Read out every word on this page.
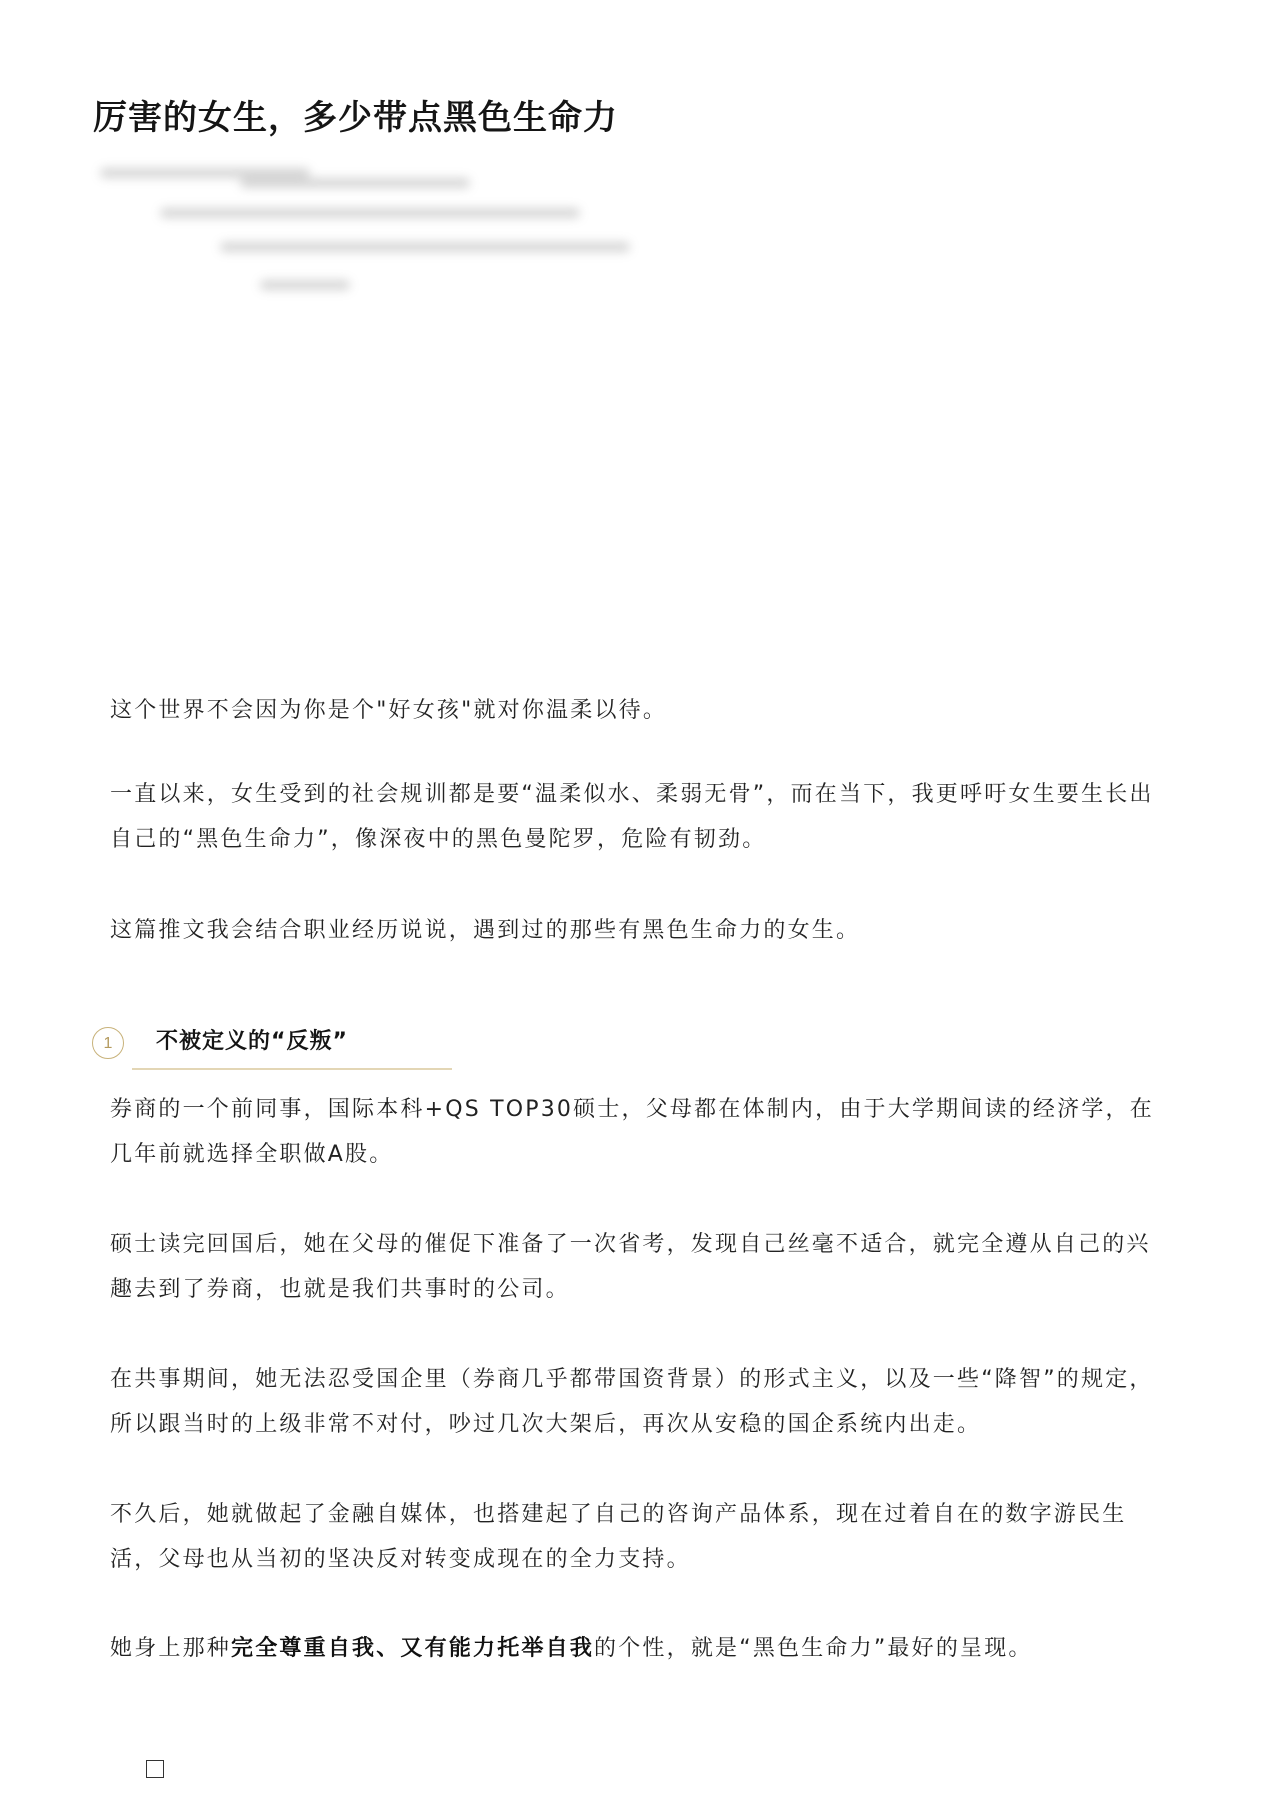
厉害的女生，多少带点黑色生命力

这个世界不会因为你是个"好女孩"就对你温柔以待。

一直以来，女生受到的社会规训都是要“温柔似水、柔弱无骨”，而在当下，我更呼吁女生要生长出自己的“黑色生命力”，像深夜中的黑色曼陀罗，危险有韧劲。

这篇推文我会结合职业经历说说，遇到过的那些有黑色生命力的女生。

1	不被定义的“反叛”

券商的一个前同事，国际本科+QS TOP30硕士，父母都在体制内，由于大学期间读的经济学，在几年前就选择全职做A股。

硕士读完回国后，她在父母的催促下准备了一次省考，发现自己丝毫不适合，就完全遵从自己的兴趣去到了券商，也就是我们共事时的公司。

在共事期间，她无法忍受国企里（券商几乎都带国资背景）的形式主义，以及一些“降智”的规定，所以跟当时的上级非常不对付，吵过几次大架后，再次从安稳的国企系统内出走。

不久后，她就做起了金融自媒体，也搭建起了自己的咨询产品体系，现在过着自在的数字游民生活，父母也从当初的坚决反对转变成现在的全力支持。

她身上那种完全尊重自我、又有能力托举自我的个性，就是“黑色生命力”最好的呈现。
